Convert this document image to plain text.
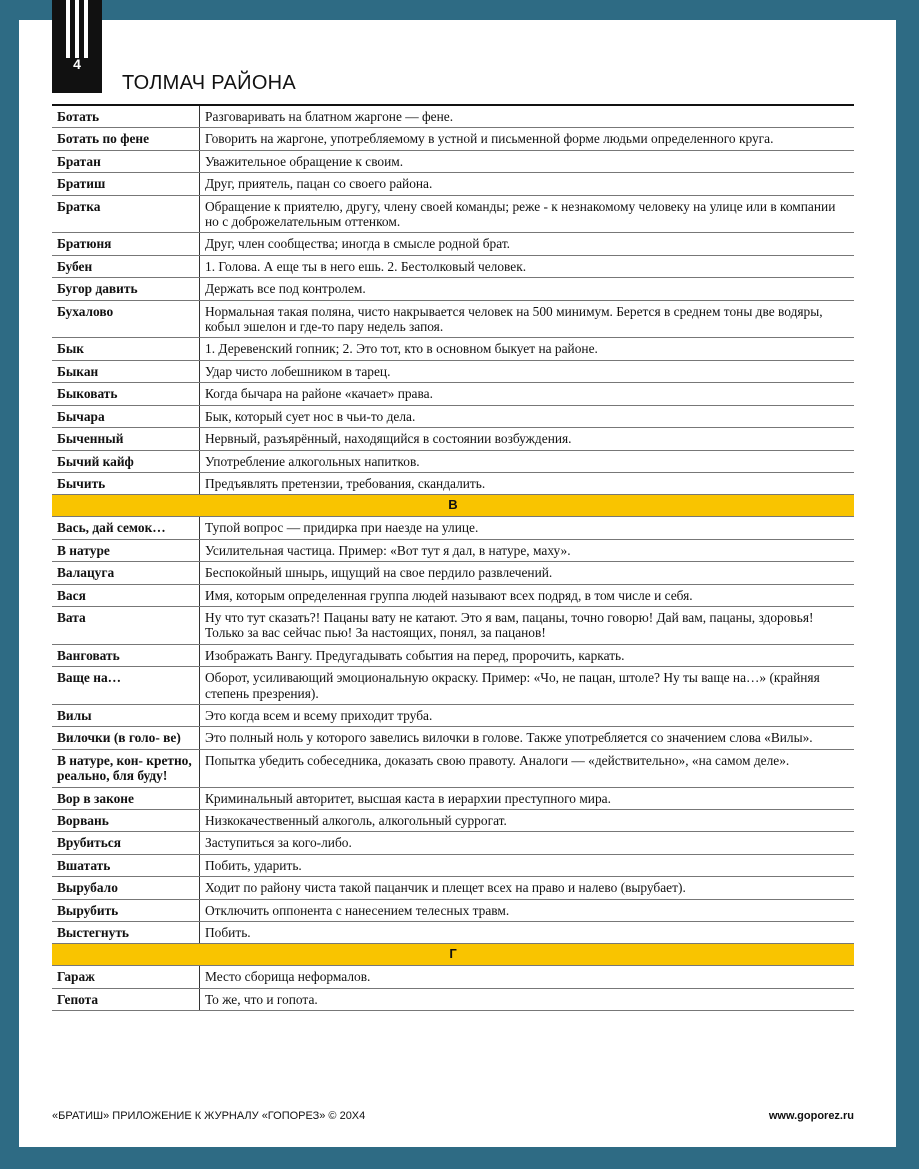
4
ТОЛМАЧ РАЙОНА
Ботать	Разговаривать на блатном жаргоне — фене.
Ботать по фене	Говорить на жаргоне, употребляемому в устной и письменной форме людьми определенного круга.
Братан	Уважительное обращение к своим.
Братиш	Друг, приятель, пацан со своего района.
Братка	Обращение к приятелю, другу, члену своей команды; реже - к незнакомому человеку на улице или в компании но с доброжелательным оттенком.
Братюня	Друг, член сообщества; иногда в смысле родной брат.
Бубен	1. Голова. А еще ты в него ешь. 2. Бестолковый человек.
Бугор давить	Держать все под контролем.
Бухалово	Нормальная такая поляна, чисто накрывается человек на 500 минимум. Берется в среднем тоны две водяры, кобыл эшелон и где-то пару недель запоя.
Бык	1. Деревенский гопник; 2. Это тот, кто в основном быкует на районе.
Быкан	Удар чисто лобешником в тарец.
Быковать	Когда бычара на районе «качает» права.
Бычара	Бык, который сует нос в чьи-то дела.
Быченный	Нервный, разъярённый, находящийся в состоянии возбуждения.
Бычий кайф	Употребление алкогольных напитков.
Бычить	Предъявлять претензии, требования, скандалить.
В	
Вась, дай семок…	Тупой вопрос — придирка при наезде на улице.
В натуре	Усилительная частица. Пример: «Вот тут я дал, в натуре, маху».
Валацуга	Беспокойный шнырь, ищущий на свое пердило развлечений.
Вася	Имя, которым определенная группа людей называют всех подряд, в том числе и себя.
Вата	Ну что тут сказать?! Пацаны вату не катают. Это я вам, пацаны, точно говорю! Дай вам, пацаны, здоровья! Только за вас сейчас пью! За настоящих, понял, за пацанов!
Ванговать	Изображать Вангу. Предугадывать события на перед, пророчить, каркать.
Ваще на…	Оборот, усиливающий эмоциональную окраску. Пример: «Чо, не пацан, штоле? Ну ты ваще на…» (крайняя степень презрения).
Вилы	Это когда всем и всему приходит труба.
Вилочки (в голо- ве)	Это полный ноль у которого завелись вилочки в голове. Также употребляется со значением слова «Вилы».
В натуре, кон- кретно, реально, бля буду!	Попытка убедить собеседника, доказать свою правоту. Аналоги — «действительно», «на самом деле».
Вор в законе	Криминальный авторитет, высшая каста в иерархии преступного мира.
Ворвань	Низкокачественный алкоголь, алкогольный суррогат.
Врубиться	Заступиться за кого-либо.
Вшатать	Побить, ударить.
Вырубало	Ходит по району чиста такой пацанчик и плещет всех на право и налево (вырубает).
Вырубить	Отключить оппонента с нанесением телесных травм.
Выстегнуть	Побить.
Г	
Гараж	Место сборища неформалов.
Гепота	То же, что и гопота.
«БРАТИШ» ПРИЛОЖЕНИЕ К ЖУРНАЛУ «ГОПОРЕЗ» © 20Х4	www.goporez.ru
